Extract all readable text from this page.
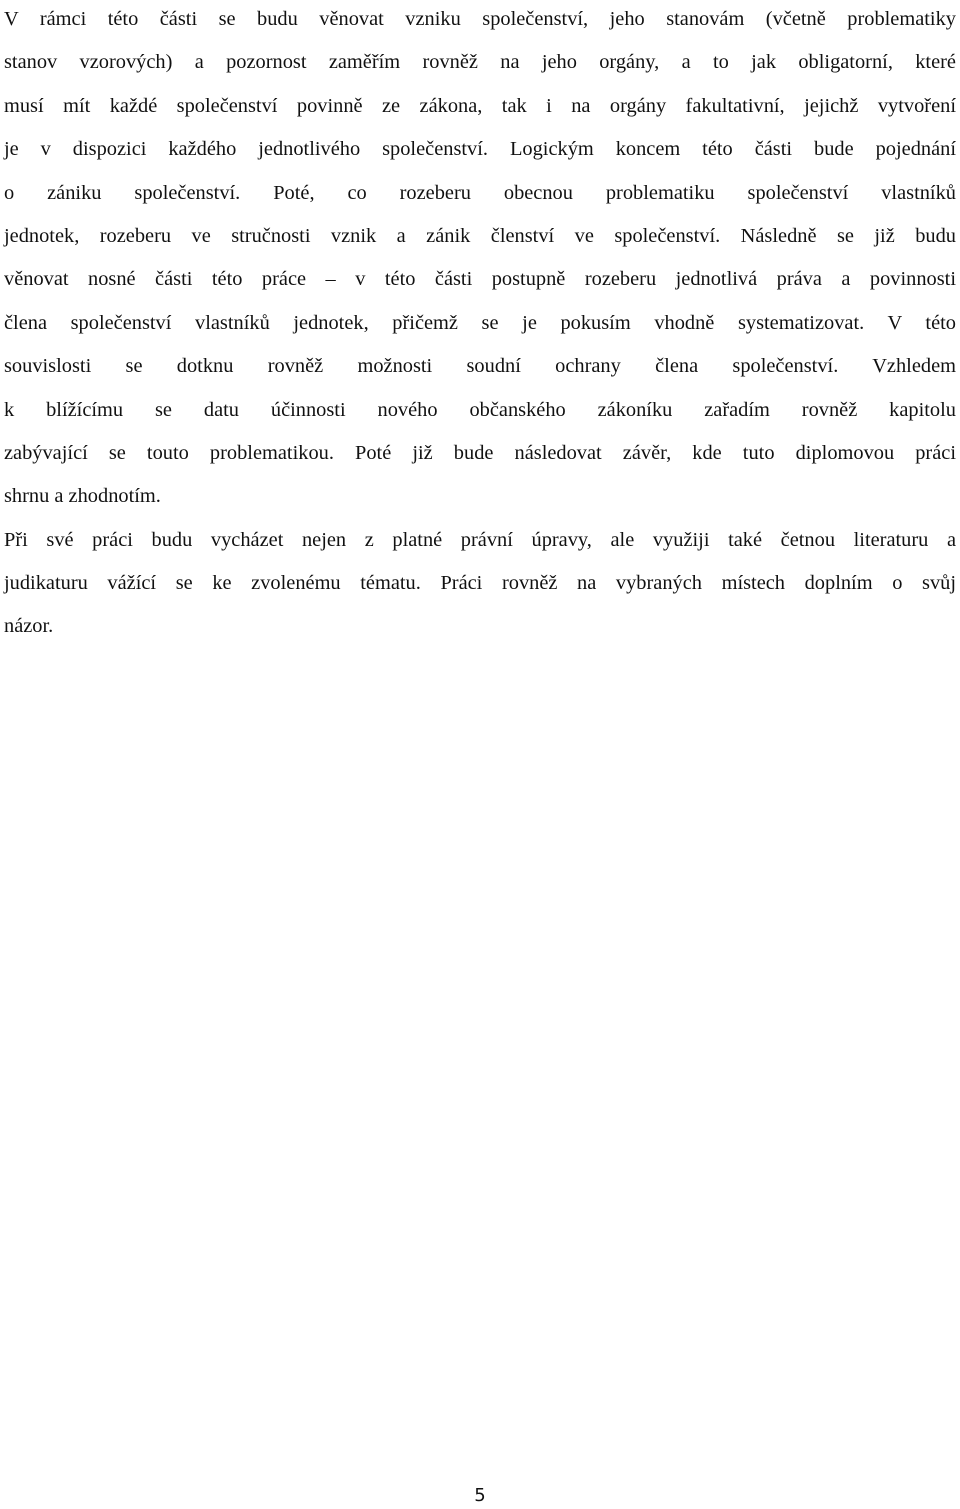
V rámci této části se budu věnovat vzniku společenství, jeho stanovám (včetně problematiky
stanov vzorových) a pozornost zaměřím rovněž na jeho orgány, a to jak obligatorní, které
musí mít každé společenství povinně ze zákona, tak i na orgány fakultativní, jejichž vytvoření
je v dispozici každého jednotlivého společenství. Logickým koncem této části bude pojednání
o zániku společenství. Poté, co rozeberu obecnou problematiku společenství vlastníků
jednotek, rozeberu ve stručnosti vznik a zánik členství ve společenství. Následně se již budu
věnovat nosné části této práce – v této části postupně rozeberu jednotlivá práva a povinnosti
člena společenství vlastníků jednotek, přičemž se je pokusím vhodně systematizovat. V této
souvislosti se dotknu rovněž možnosti soudní ochrany člena společenství. Vzhledem
k blížícímu se datu účinnosti nového občanského zákoníku zařadím rovněž kapitolu
zabývající se touto problematikou. Poté již bude následovat závěr, kde tuto diplomovou práci
shrnu a zhodnotím.
Při své práci budu vycházet nejen z platné právní úpravy, ale využiji také četnou literaturu a
judikaturu vážící se ke zvolenému tématu. Práci rovněž na vybraných místech doplním o svůj
názor.
5
